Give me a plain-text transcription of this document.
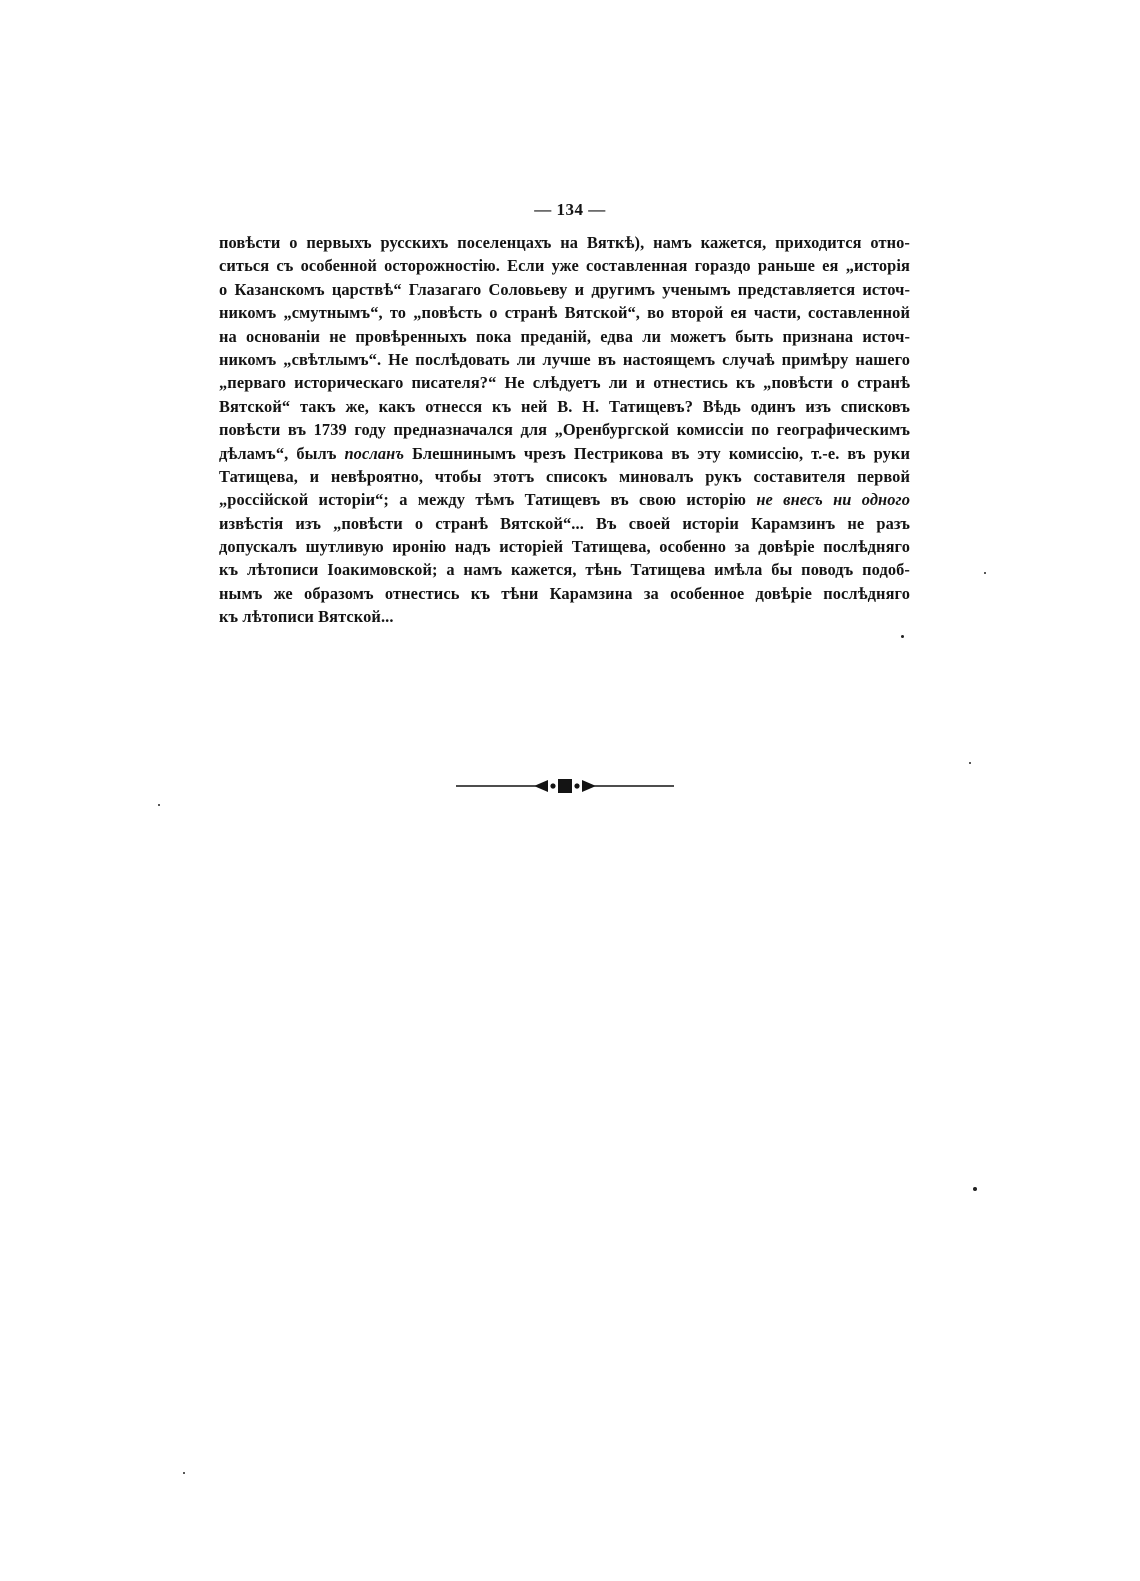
— 134 —
повѣсти о первыхъ русскихъ поселенцахъ на Вяткѣ), намъ кажется, приходится отно-
ситься съ особенной осторожностію. Если уже составленная гораздо раньше ея „исторія
о Казанскомъ царствѣ“ Глазагаго Соловьеву и другимъ ученымъ представляется источ-
никомъ „смутнымъ“, то „повѣсть о странѣ Вятской“, во второй ея части, составленной
на основаніи не провѣренныхъ пока преданій, едва ли можетъ быть признана источ-
никомъ „свѣтлымъ“. Не послѣдовать ли лучше въ настоящемъ случаѣ примѣру нашего
„перваго историческаго писателя?“ Не слѣдуетъ ли и отнестись къ „повѣсти о странѣ
Вятской“ такъ же, какъ отнесся къ ней В. Н. Татищевъ? Вѣдь одинъ изъ списковъ
повѣсти въ 1739 году предназначался для „Оренбургской комиссіи по географическимъ
дѣламъ“, былъ посланъ Блешнинымъ чрезъ Пестрикова въ эту комиссію, т.-е. въ руки
Татищева, и невѣроятно, чтобы этотъ списокъ миновалъ рукъ составителя первой
„россійской исторіи“; а между тѣмъ Татищевъ въ свою исторію не внесъ ни одного
извѣстія изъ „повѣсти о странѣ Вятской“... Въ своей исторіи Карамзинъ не разъ
допускалъ шутливую иронію надъ исторіей Татищева, особенно за довѣріе послѣдняго
къ лѣтописи Іоакимовской; а намъ кажется, тѣнь Татищева имѣла бы поводъ подоб-
нымъ же образомъ отнестись къ тѣни Карамзина за особенное довѣріе послѣдняго
къ лѣтописи Вятской...
